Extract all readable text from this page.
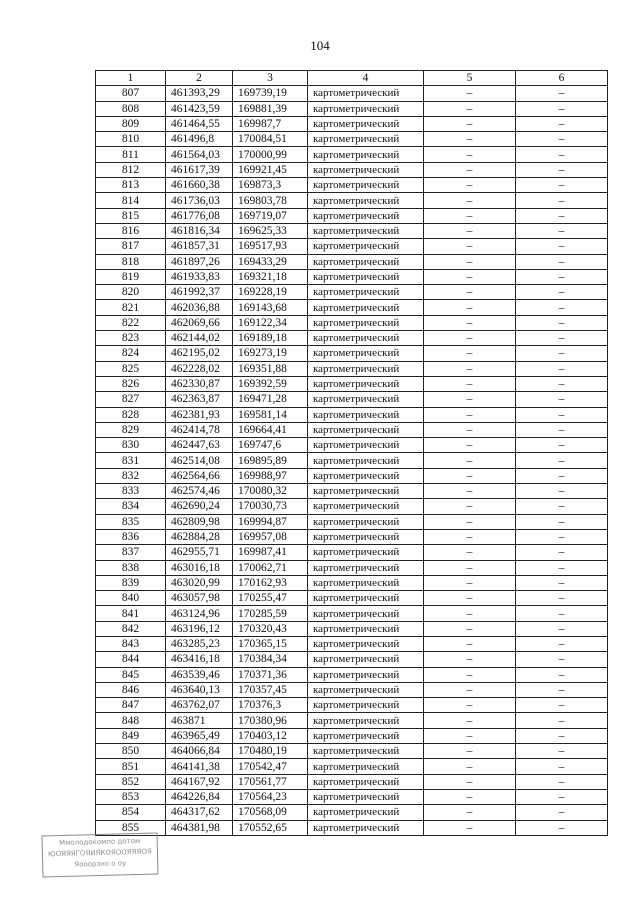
104
1	2	3	4	5	6
807	461393,29	169739,19	картометрический	–	–
808	461423,59	169881,39	картометрический	–	–
809	461464,55	169987,7	картометрический	–	–
810	461496,8	170084,51	картометрический	–	–
811	461564,03	170000,99	картометрический	–	–
812	461617,39	169921,45	картометрический	–	–
813	461660,38	169873,3	картометрический	–	–
814	461736,03	169803,78	картометрический	–	–
815	461776,08	169719,07	картометрический	–	–
816	461816,34	169625,33	картометрический	–	–
817	461857,31	169517,93	картометрический	–	–
818	461897,26	169433,29	картометрический	–	–
819	461933,83	169321,18	картометрический	–	–
820	461992,37	169228,19	картометрический	–	–
821	462036,88	169143,68	картометрический	–	–
822	462069,66	169122,34	картометрический	–	–
823	462144,02	169189,18	картометрический	–	–
824	462195,02	169273,19	картометрический	–	–
825	462228,02	169351,88	картометрический	–	–
826	462330,87	169392,59	картометрический	–	–
827	462363,87	169471,28	картометрический	–	–
828	462381,93	169581,14	картометрический	–	–
829	462414,78	169664,41	картометрический	–	–
830	462447,63	169747,6	картометрический	–	–
831	462514,08	169895,89	картометрический	–	–
832	462564,66	169988,97	картометрический	–	–
833	462574,46	170080,32	картометрический	–	–
834	462690,24	170030,73	картометрический	–	–
835	462809,98	169994,87	картометрический	–	–
836	462884,28	169957,08	картометрический	–	–
837	462955,71	169987,41	картометрический	–	–
838	463016,18	170062,71	картометрический	–	–
839	463020,99	170162,93	картометрический	–	–
840	463057,98	170255,47	картометрический	–	–
841	463124,96	170285,59	картометрический	–	–
842	463196,12	170320,43	картометрический	–	–
843	463285,23	170365,15	картометрический	–	–
844	463416,18	170384,34	картометрический	–	–
845	463539,46	170371,36	картометрический	–	–
846	463640,13	170357,45	картометрический	–	–
847	463762,07	170376,3	картометрический	–	–
848	463871	170380,96	картометрический	–	–
849	463965,49	170403,12	картометрический	–	–
850	464066,84	170480,19	картометрический	–	–
851	464141,38	170542,47	картометрический	–	–
852	464167,92	170561,77	картометрический	–	–
853	464226,84	170564,23	картометрический	–	–
854	464317,62	170568,09	картометрический	–	–
855	464381,98	170552,65	картометрический	–	–
Ммолодокомпо дотом
ЮОЯЯЯГОЯИЯКОЯООЯЯЯОЯ
Яооорзно о оу
